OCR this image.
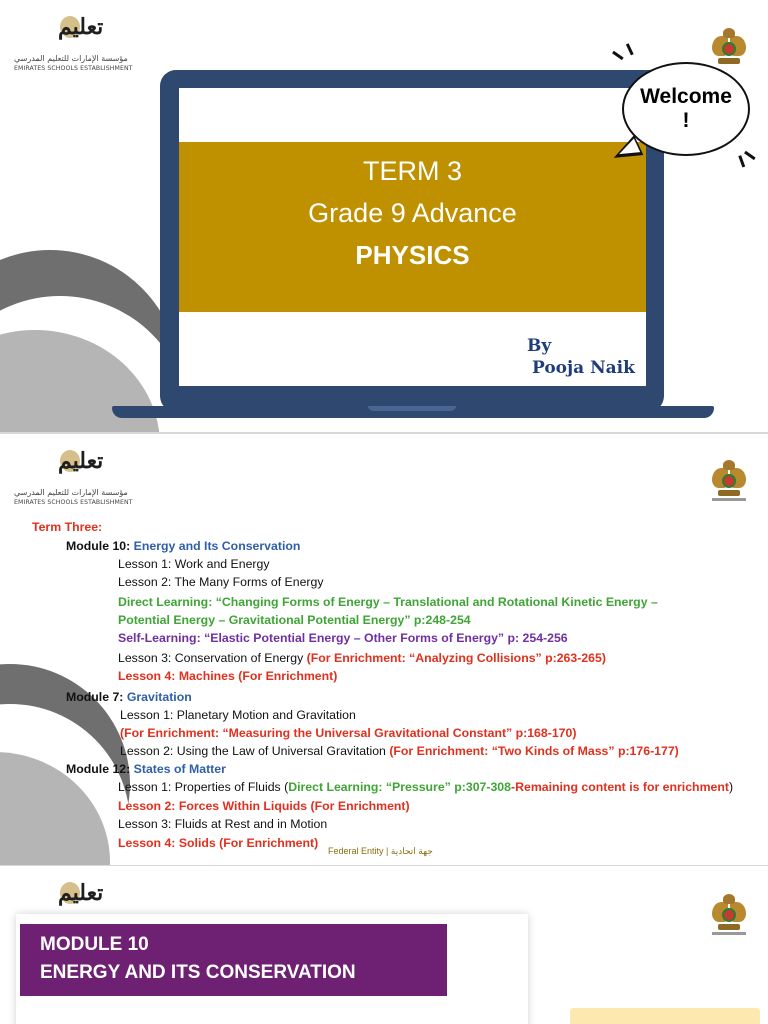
تعليم
مؤسسة الإمارات للتعليم المدرسي
EMIRATES SCHOOLS ESTABLISHMENT
TERM 3
Grade 9 Advance
PHYSICS
By
Pooja Naik
Welcome
!
تعليم
مؤسسة الإمارات للتعليم المدرسي
EMIRATES SCHOOLS ESTABLISHMENT
Term Three:
Module 10: Energy and Its Conservation
Lesson 1: Work and Energy
Lesson 2: The Many Forms of Energy
Direct Learning: “Changing Forms of Energy – Translational and Rotational Kinetic Energy –
Potential Energy – Gravitational Potential Energy” p:248-254
Self-Learning: “Elastic Potential Energy – Other Forms of Energy” p: 254-256
Lesson 3: Conservation of Energy (For Enrichment: “Analyzing Collisions” p:263-265)
Lesson 4: Machines (For Enrichment)
Module 7: Gravitation
Lesson 1: Planetary Motion and Gravitation
(For Enrichment: “Measuring the Universal Gravitational Constant” p:168-170)
Lesson 2: Using the Law of Universal Gravitation (For Enrichment: “Two Kinds of Mass” p:176-177)
Module 12: States of Matter
Lesson 1: Properties of Fluids (Direct Learning: “Pressure” p:307-308-Remaining content is for enrichment)
Lesson 2: Forces Within Liquids (For Enrichment)
Lesson 3: Fluids at Rest and in Motion
Lesson 4: Solids (For Enrichment)
Federal Entity | جهة اتحادية
تعليم
MODULE 10
ENERGY AND ITS CONSERVATION
